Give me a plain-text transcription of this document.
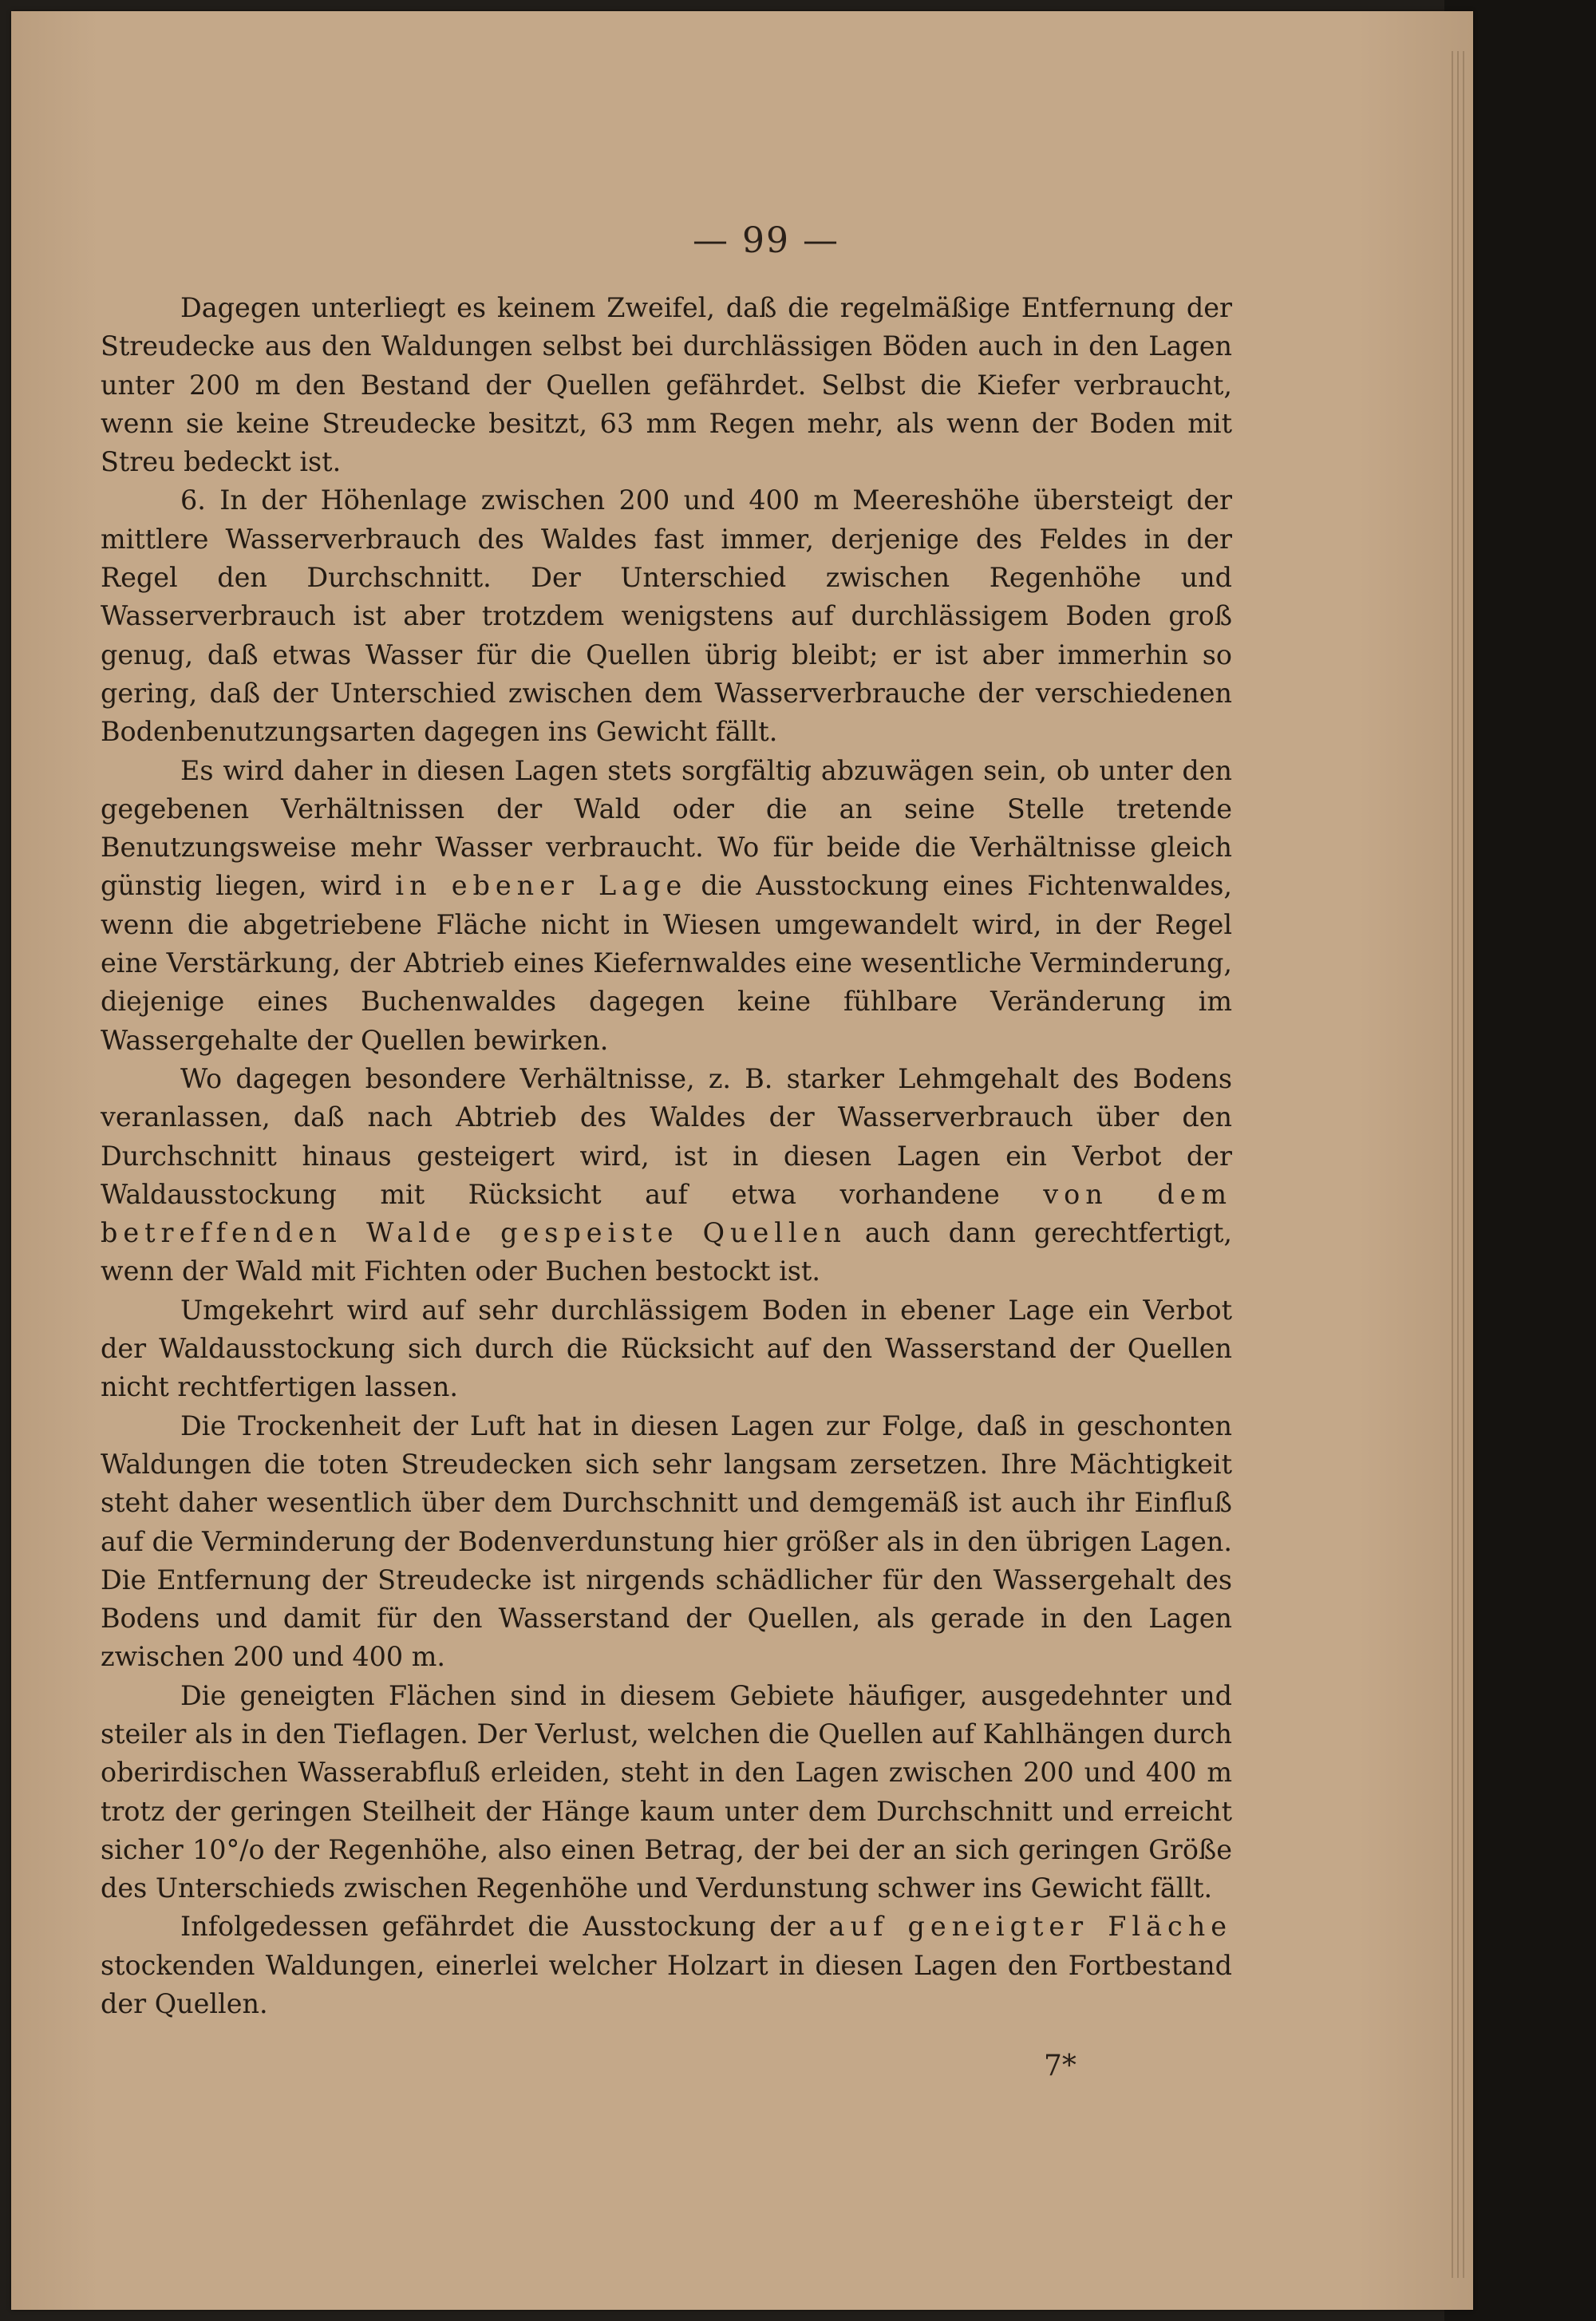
— 99 —

Dagegen unterliegt es keinem Zweifel, daß die regelmäßige Entfernung der Streudecke aus den Waldungen selbst bei durchlässigen Böden auch in den Lagen unter 200 m den Bestand der Quellen gefährdet. Selbst die Kiefer verbraucht, wenn sie keine Streudecke besitzt, 63 mm Regen mehr, als wenn der Boden mit Streu bedeckt ist.

6. In der Höhenlage zwischen 200 und 400 m Meereshöhe übersteigt der mittlere Wasserverbrauch des Waldes fast immer, derjenige des Feldes in der Regel den Durchschnitt. Der Unterschied zwischen Regenhöhe und Wasserverbrauch ist aber trotzdem wenigstens auf durchlässigem Boden groß genug, daß etwas Wasser für die Quellen übrig bleibt; er ist aber immerhin so gering, daß der Unterschied zwischen dem Wasserverbrauche der verschiedenen Bodenbenutzungsarten dagegen ins Gewicht fällt.

Es wird daher in diesen Lagen stets sorgfältig abzuwägen sein, ob unter den gegebenen Verhältnissen der Wald oder die an seine Stelle tretende Benutzungsweise mehr Wasser verbraucht. Wo für beide die Verhältnisse gleich günstig liegen, wird in ebener Lage die Ausstockung eines Fichtenwaldes, wenn die abgetriebene Fläche nicht in Wiesen umgewandelt wird, in der Regel eine Verstärkung, der Abtrieb eines Kiefernwaldes eine wesentliche Verminderung, diejenige eines Buchenwaldes dagegen keine fühlbare Veränderung im Wassergehalte der Quellen bewirken.

Wo dagegen besondere Verhältnisse, z. B. starker Lehmgehalt des Bodens veranlassen, daß nach Abtrieb des Waldes der Wasserverbrauch über den Durchschnitt hinaus gesteigert wird, ist in diesen Lagen ein Verbot der Waldausstockung mit Rücksicht auf etwa vorhandene von dem betreffenden Walde gespeiste Quellen auch dann gerechtfertigt, wenn der Wald mit Fichten oder Buchen bestockt ist.

Umgekehrt wird auf sehr durchlässigem Boden in ebener Lage ein Verbot der Waldausstockung sich durch die Rücksicht auf den Wasserstand der Quellen nicht rechtfertigen lassen.

Die Trockenheit der Luft hat in diesen Lagen zur Folge, daß in geschonten Waldungen die toten Streudecken sich sehr langsam zersetzen. Ihre Mächtigkeit steht daher wesentlich über dem Durchschnitt und demgemäß ist auch ihr Einfluß auf die Verminderung der Bodenverdunstung hier größer als in den übrigen Lagen. Die Entfernung der Streudecke ist nirgends schädlicher für den Wassergehalt des Bodens und damit für den Wasserstand der Quellen, als gerade in den Lagen zwischen 200 und 400 m.

Die geneigten Flächen sind in diesem Gebiete häufiger, ausgedehnter und steiler als in den Tieflagen. Der Verlust, welchen die Quellen auf Kahlhängen durch oberirdischen Wasserabfluß erleiden, steht in den Lagen zwischen 200 und 400 m trotz der geringen Steilheit der Hänge kaum unter dem Durchschnitt und erreicht sicher 10°/o der Regenhöhe, also einen Betrag, der bei der an sich geringen Größe des Unterschieds zwischen Regenhöhe und Verdunstung schwer ins Gewicht fällt.

Infolgedessen gefährdet die Ausstockung der auf geneigter Fläche stockenden Waldungen, einerlei welcher Holzart in diesen Lagen den Fortbestand der Quellen.

7*
